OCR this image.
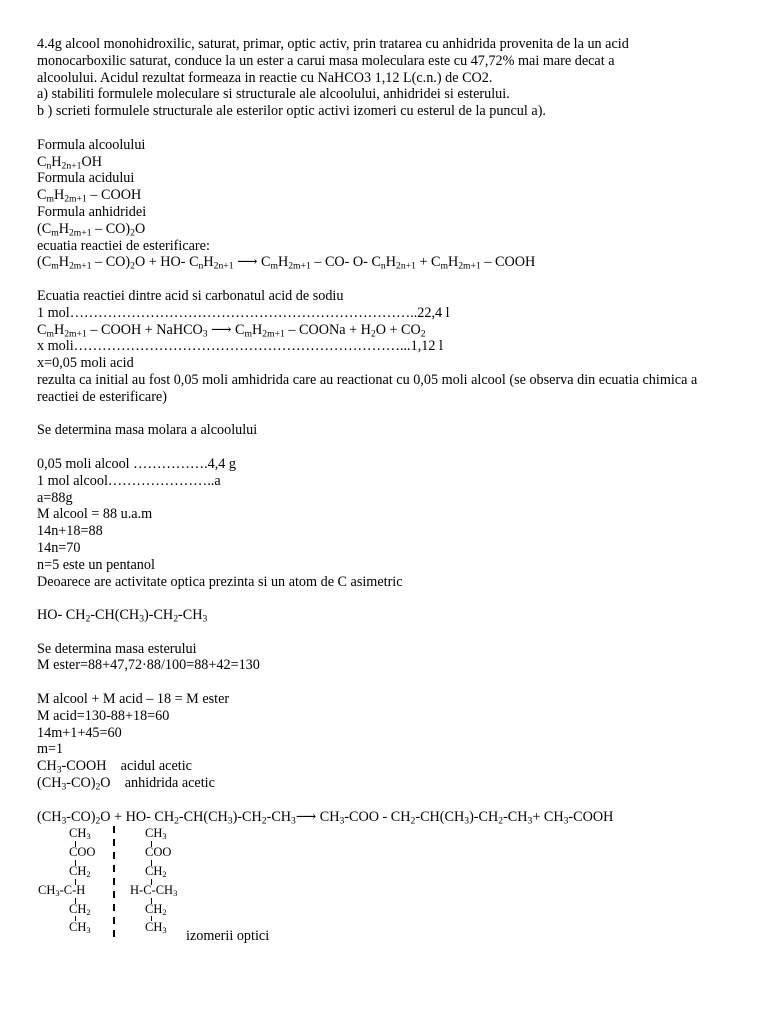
4.4g alcool monohidroxilic, saturat, primar, optic activ, prin tratarea cu anhidrida provenita de la un acid
monocarboxilic saturat, conduce la un ester a carui masa moleculara este cu 47,72% mai mare decat a
alcoolului. Acidul rezultat formeaza in reactie cu NaHCO3 1,12 L(c.n.) de CO2.
a) stabiliti formulele moleculare si structurale ale alcoolului, anhidridei si esterului.
b ) scrieti formulele structurale ale esterilor optic activi izomeri cu esterul de la puncul a).
Formula alcoolului
$C_nH_{2n+1}OH$
Formula acidului
$C_mH_{2m+1}$ – COOH
Formula anhidridei
$(C_mH_{2m+1} - CO)_2O$
ecuatia reactiei de esterificare:
$(C_mH_{2m+1} - CO)_2O + HO-$ $C_nH_{2n+1}$ ⟶ $C_mH_{2m+1} - CO-$ O- $C_nH_{2n+1} + C_mH_{2m+1}$ – COOH
Ecuatia reactiei dintre acid si carbonatul acid de sodiu
1 mol………………………………………………………………..22,4 l
$C_mH_{2m+1}$ – COOH + NaHCO$_3$ ⟶ $C_mH_{2m+1}$ – COONa + $H_2O + CO_2$
x moli……………………………………………………………...1,12 l
x=0,05 moli acid
rezulta ca initial au fost 0,05 moli amhidrida care au reactionat cu 0,05 moli alcool (se observa din ecuatia chimica a reactiei de esterificare)
Se determina masa molara a alcoolului
0,05 moli alcool …………….4,4 g
1 mol alcool…………………..a
a=88g
M alcool = 88 u.a.m
14n+18=88
14n=70
n=5 este un pentanol
Deoarece are activitate optica prezinta si un atom de C asimetric
HO- $CH_2-CH(CH_3)-CH_2-CH_3$
Se determina masa esterului
M ester=88+47,72·88/100=88+42=130
M alcool + M acid – 18 = M ester
M acid=130-88+18=60
14m+1+45=60
m=1
$CH_3$-COOH    acidul acetic
$(CH_3-CO)_2O$    anhidrida acetic
$(CH_3-CO)_2O + HO-$ $CH_2-CH(CH_3)-CH_2-CH_3⟶$ $CH_3$-COO - $CH_2-CH(CH_3)-CH_2-CH_3+$ $CH_3$-COOH
$CH_3$
COO
$CH_2$
$CH_3-C-H$
$CH_2$
$CH_3$
$CH_3$
COO
$CH_2$
$H-C-CH_3$
$CH_2$
$CH_3$ izomerii optici
